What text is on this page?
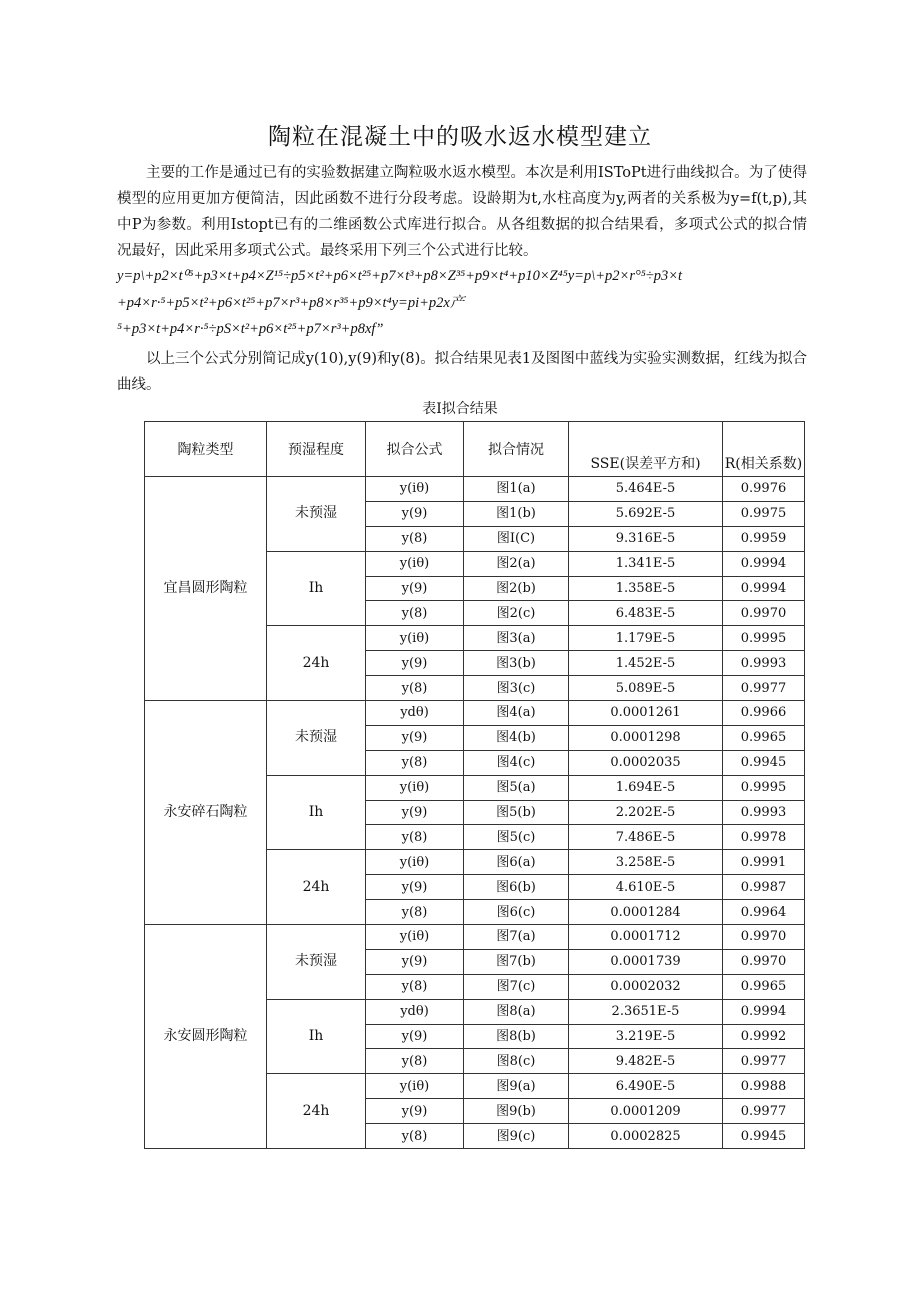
陶粒在混凝土中的吸水返水模型建立
主要的工作是通过已有的实验数据建立陶粒吸水返水模型。本次是利用ISToPt进行曲线拟合。为了使得模型的应用更加方便简洁，因此函数不进行分段考虑。设龄期为t,水柱高度为y,两者的关系极为y=f(t,p),其中P为参数。利用Istopt已有的二维函数公式库进行拟合。从各组数据的拟合结果看，多项式公式的拟合情况最好，因此采用多项式公式。最终采用下列三个公式进行比较。
y=p\+p2×t⁰⁵+p3×t+p4×Z¹⁵÷p5×t²+p6×t²⁵+p7×t³+p8×Z³⁵+p9×t⁴+p10×Z⁴⁵y=p\+p2×r°⁵÷p3×t
+p4×r·⁵+p5×t²+p6×t²⁵+p7×r³+p8×r³⁵+p9×t⁴y=pi+p2x产
⁵+p3×t+p4×r·⁵÷pS×t²+p6×t²⁵+p7×r³+p8xf”
以上三个公式分别简记成y(10),y(9)和y(8)。拟合结果见表1及图图中蓝线为实验实测数据，红线为拟合曲线。
表I拟合结果
陶粒类型	预湿程度	拟合公式	拟合情况	SSE(误差平方和)	R(相关系数)
宜昌圆形陶粒	未预湿	y(iθ)	图1(a)	5.464E-5	0.9976
		y(9)	图1(b)	5.692E-5	0.9975
		y(8)	图I(C)	9.316E-5	0.9959
	Ih	y(iθ)	图2(a)	1.341E-5	0.9994
		y(9)	图2(b)	1.358E-5	0.9994
		y(8)	图2(c)	6.483E-5	0.9970
	24h	y(iθ)	图3(a)	1.179E-5	0.9995
		y(9)	图3(b)	1.452E-5	0.9993
		y(8)	图3(c)	5.089E-5	0.9977
永安碎石陶粒	未预湿	ydθ)	图4(a)	0.0001261	0.9966
		y(9)	图4(b)	0.0001298	0.9965
		y(8)	图4(c)	0.0002035	0.9945
	Ih	y(iθ)	图5(a)	1.694E-5	0.9995
		y(9)	图5(b)	2.202E-5	0.9993
		y(8)	图5(c)	7.486E-5	0.9978
	24h	y(iθ)	图6(a)	3.258E-5	0.9991
		y(9)	图6(b)	4.610E-5	0.9987
		y(8)	图6(c)	0.0001284	0.9964
永安圆形陶粒	未预湿	y(iθ)	图7(a)	0.0001712	0.9970
		y(9)	图7(b)	0.0001739	0.9970
		y(8)	图7(c)	0.0002032	0.9965
	Ih	ydθ)	图8(a)	2.3651E-5	0.9994
		y(9)	图8(b)	3.219E-5	0.9992
		y(8)	图8(c)	9.482E-5	0.9977
	24h	y(iθ)	图9(a)	6.490E-5	0.9988
		y(9)	图9(b)	0.0001209	0.9977
		y(8)	图9(c)	0.0002825	0.9945
